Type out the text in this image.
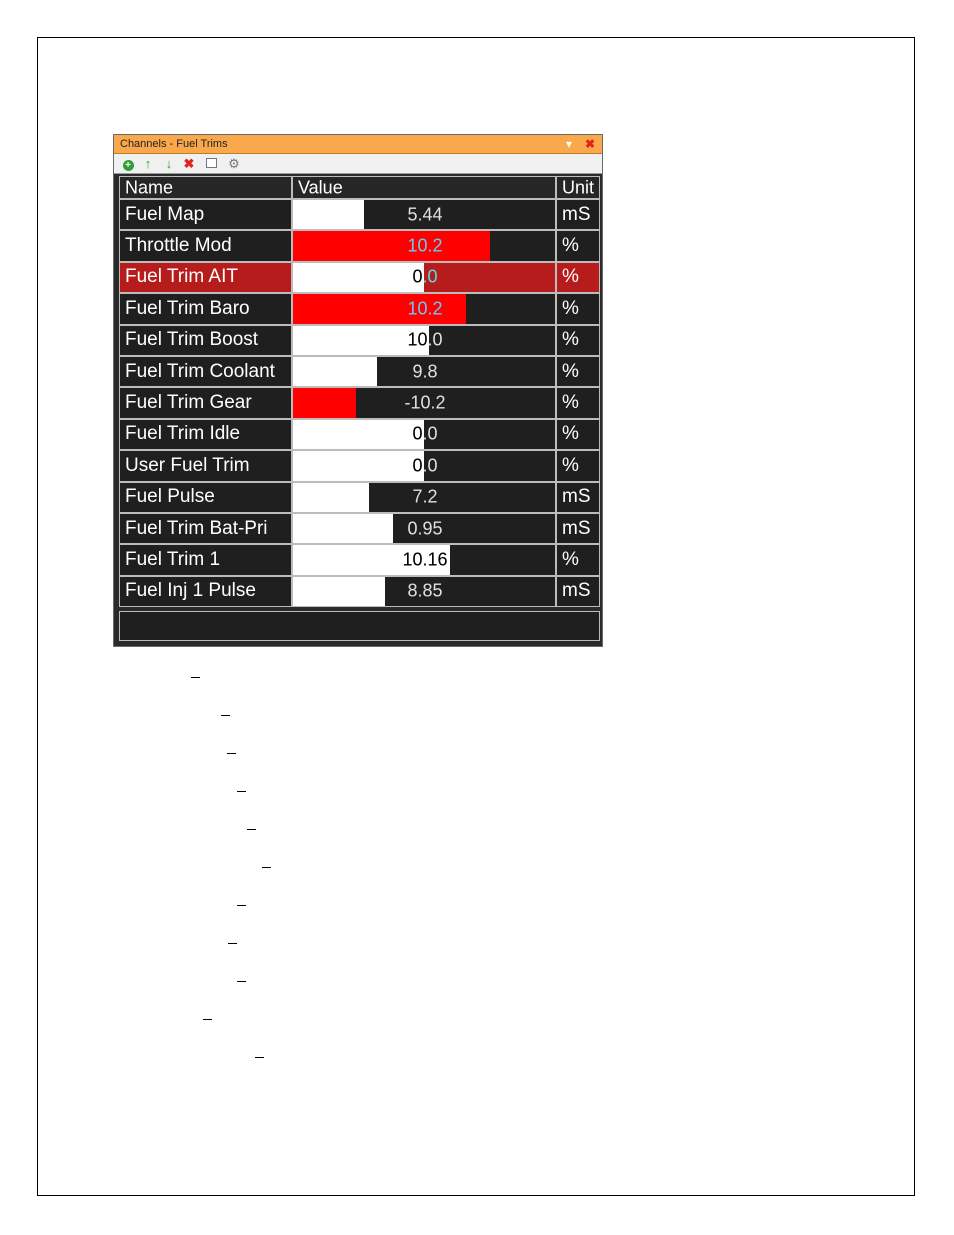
Channels - Fuel Trims	▾	✖
+	↑	↓ ✖	⚙
Name	Value	Unit
Fuel Map	5.44	mS
Throttle Mod	10.2	%
Fuel Trim AIT	0.0	%
Fuel Trim Baro	10.2	%
Fuel Trim Boost	10.0	%
Fuel Trim Coolant	9.8	%
Fuel Trim Gear	-10.2	%
Fuel Trim Idle	0.0	%
User Fuel Trim	0.0	%
Fuel Pulse	7.2	mS
Fuel Trim Bat-Pri	0.95	mS
Fuel Trim 1	10.16	%
Fuel Inj 1 Pulse	8.85	mS
